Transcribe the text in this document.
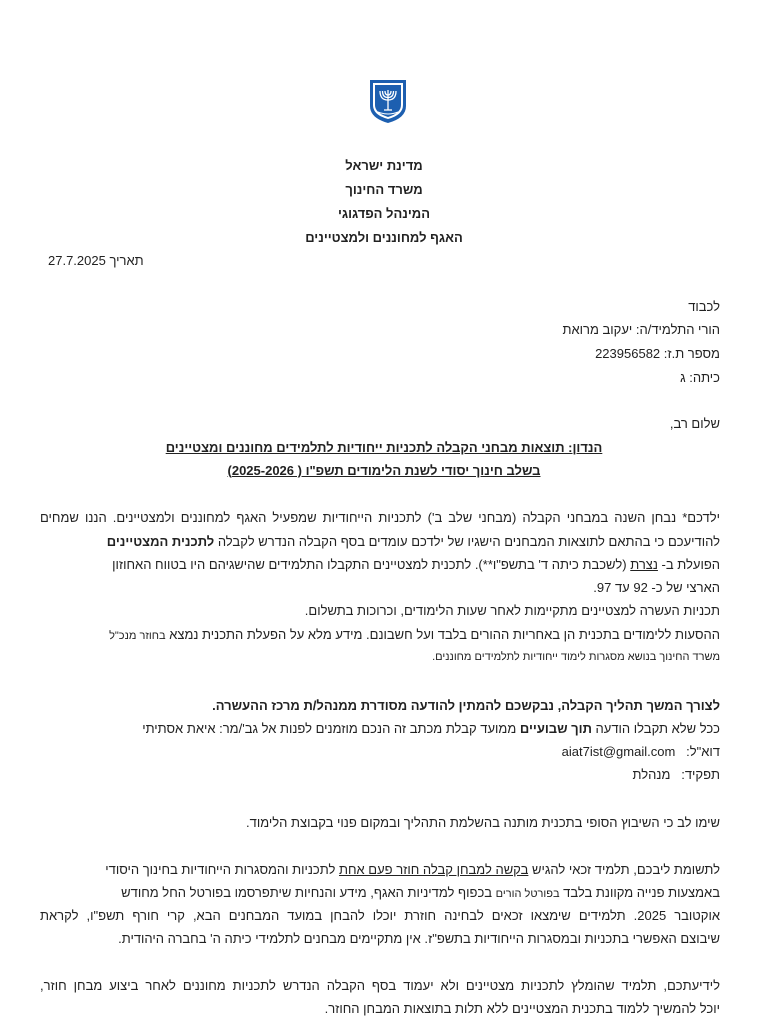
מדינת ישראל
משרד החינוך
המינהל הפדגוגי
האגף למחוננים ולמצטיינים
תאריך 27.7.2025
לכבוד
הורי התלמיד/ה: יעקוב מרואת
מספר ת.ז: 223956582
כיתה: ג
שלום רב,
הנדון: תוצאות מבחני הקבלה לתכניות ייחודיות לתלמידים מחוננים ומצטיינים
בשלב חינוך יסודי לשנת הלימודים תשפ"ו ( 2025-2026)
ילדכם* נבחן השנה במבחני הקבלה (מבחני שלב ב') לתכניות הייחודיות שמפעיל האגף למחוננים ולמצטיינים. הננו שמחים
להודיעכם כי בהתאם לתוצאות המבחנים הישגיו של ילדכם עומדים בסף הקבלה הנדרש לקבלה לתכנית המצטיינים
הפועלת ב- נצרת (לשכבת כיתה ד' בתשפ"ו**). לתכנית למצטיינים התקבלו התלמידים שהישגיהם היו בטווח האחוזון
הארצי של כ- 92 עד 97.
תכניות העשרה למצטיינים מתקיימות לאחר שעות הלימודים, וכרוכות בתשלום.
ההסעות ללימודים בתכנית הן באחריות ההורים בלבד ועל חשבונם. מידע מלא על הפעלת התכנית נמצא בחוזר מנכ"ל
משרד החינוך בנושא מסגרות לימוד ייחודיות לתלמידים מחוננים.
לצורך המשך תהליך הקבלה, נבקשכם להמתין להודעה מסודרת ממנהל/ת מרכז ההעשרה.
ככל שלא תקבלו הודעה תוך שבועיים ממועד קבלת מכתב זה הנכם מוזמנים לפנות אל גב'/מר: איאת אסתיתי
דוא"ל:   aiat7ist@gmail.com
תפקיד:   מנהלת
שימו לב כי השיבוץ הסופי בתכנית מותנה בהשלמת התהליך ובמקום פנוי בקבוצת הלימוד.
לתשומת ליבכם, תלמיד זכאי להגיש בקשה למבחן קבלה חוזר פעם אחת לתכניות והמסגרות הייחודיות בחינוך היסודי
באמצעות פנייה מקוונת בלבד בפורטל הורים בכפוף למדיניות האגף, מידע והנחיות שיתפרסמו בפורטל החל מחודש
אוקטובר 2025. תלמידים שימצאו זכאים לבחינה חוזרת יוכלו להבחן במועד המבחנים הבא, קרי חורף תשפ"ו, לקראת
שיבוצם האפשרי בתכניות ובמסגרות הייחודיות בתשפ"ז. אין מתקיימים מבחנים לתלמידי כיתה ה' בחברה היהודית.
לידיעתכם, תלמיד שהומלץ לתכניות מצטיינים ולא יעמוד בסף הקבלה הנדרש לתכניות מחוננים לאחר ביצוע מבחן חוזר,
יוכל להמשיך ללמוד בתכנית המצטיינים ללא תלות בתוצאות המבחן החוזר.
